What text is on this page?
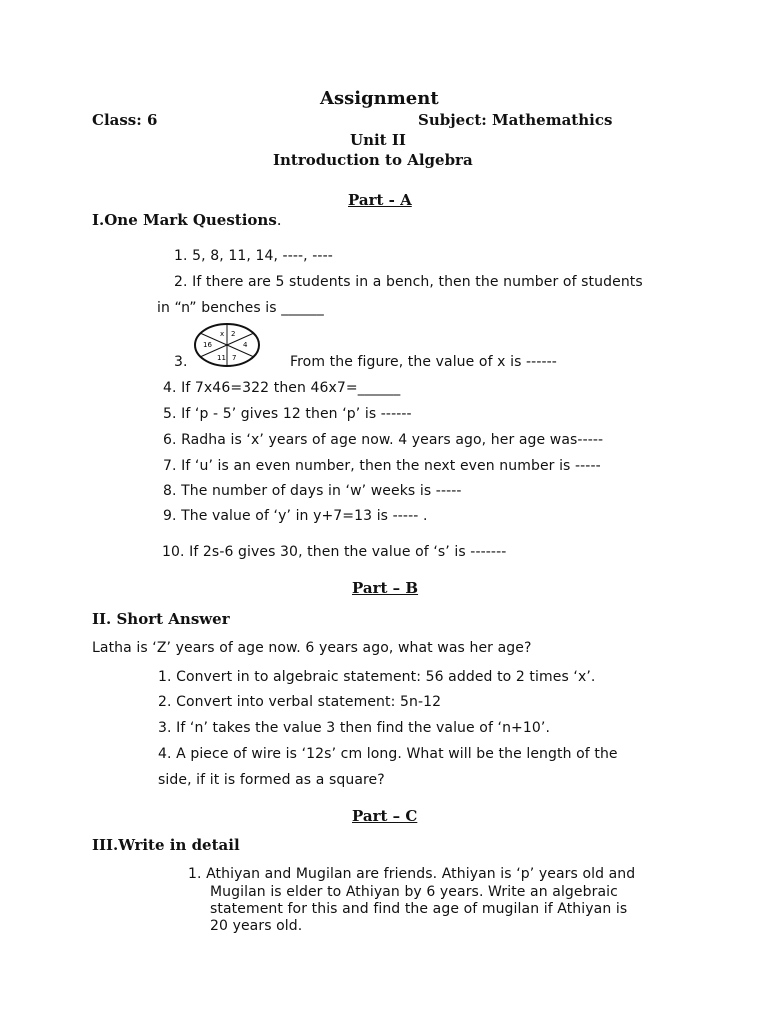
Assignment
Class: 6	Subject: Mathemathics
Unit II
Introduction to Algebra
Part - A
I.One Mark Questions.
1. 5, 8, 11, 14, ----, ----
2. If there are 5 students in a bench, then the number of students
in “n” benches is ______
3.
x 2
16	4
11 7	From the figure, the value of x is ------
4. If 7x46=322 then 46x7=______
5. If ‘p - 5’ gives 12 then ‘p’ is ------
6. Radha is ‘x’ years of age now. 4 years ago, her age was-----
7. If ‘u’ is an even number, then the next even number is -----
8. The number of days in ‘w’ weeks is -----
9. The value of ‘y’ in y+7=13 is ----- .
10. If 2s-6 gives 30, then the value of ‘s’ is -------
Part – B
II. Short Answer
Latha is ‘Z’ years of age now. 6 years ago, what was her age?
1. Convert in to algebraic statement: 56 added to 2 times ‘x’.
2. Convert into verbal statement: 5n-12
3. If ‘n’ takes the value 3 then find the value of ‘n+10’.
4. A piece of wire is ‘12s’ cm long. What will be the length of the
side, if it is formed as a square?
Part – C
III.Write in detail
1. Athiyan and Mugilan are friends. Athiyan is ‘p’ years old and
Mugilan is elder to Athiyan by 6 years. Write an algebraic
statement for this and find the age of mugilan if Athiyan is
20 years old.
